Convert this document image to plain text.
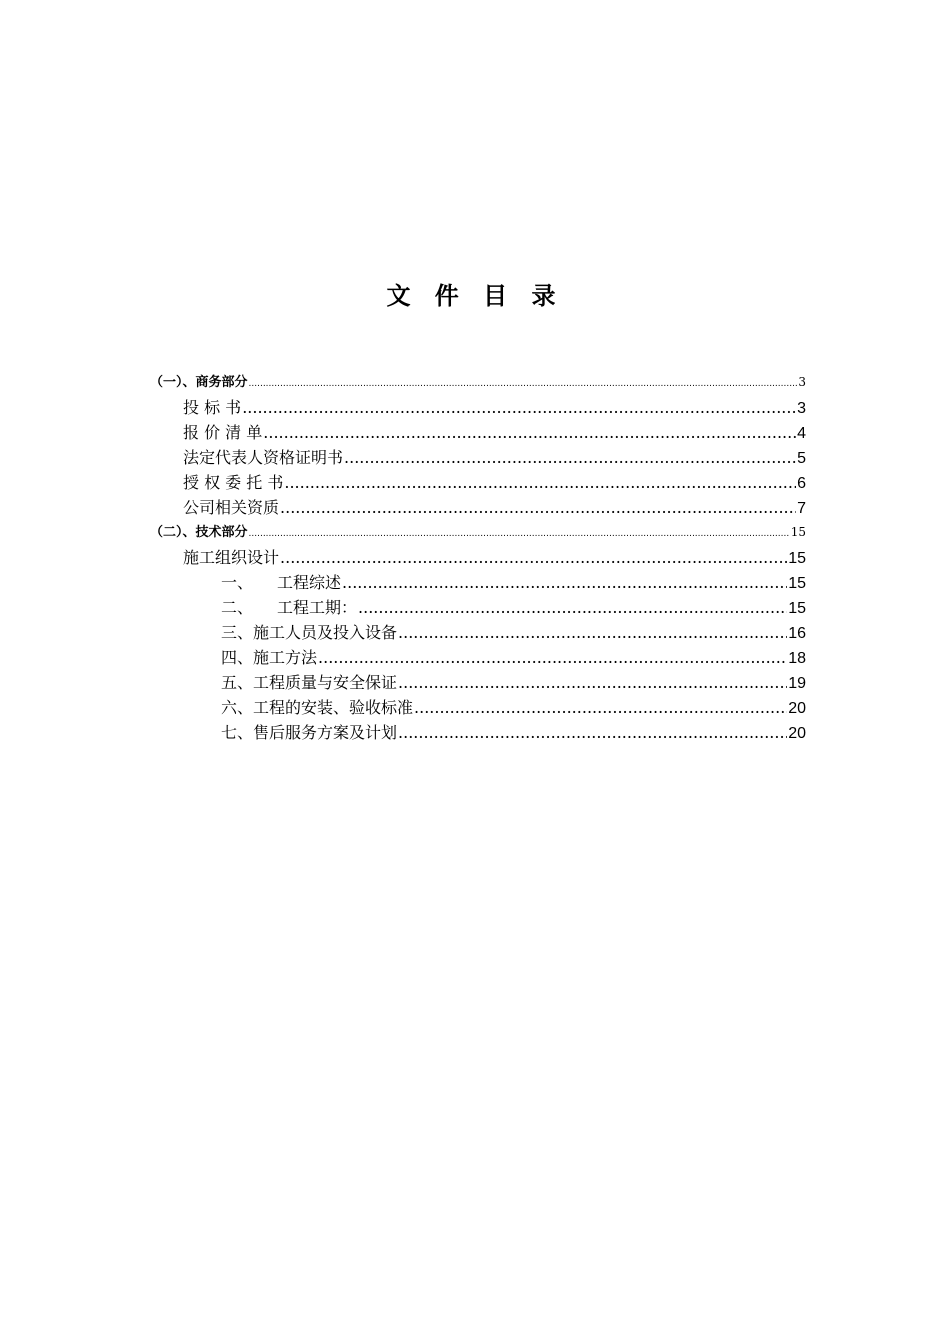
文 件 目 录
（一）、商务部分 .....	3
投 标 书 .....	3
报 价 清 单 .....	4
法定代表人资格证明书 .....	5
授 权 委 托 书 .....	6
公司相关资质 .....	7
（二）、技术部分 .....	15
施工组织设计 .....	15
一、 工程综述 .....	15
二、 工程工期： .....	15
三、施工人员及投入设备 .....	16
四、施工方法 .....	18
五、工程质量与安全保证 .....	19
六、工程的安装、验收标准 .....	20
七、售后服务方案及计划 .....	20
